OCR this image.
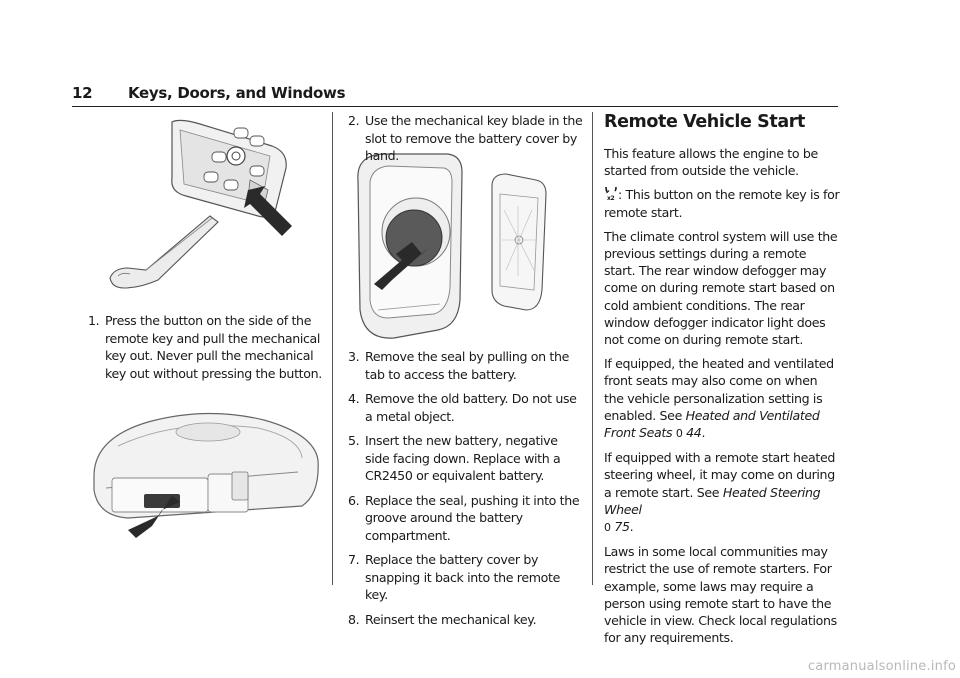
12 Keys, Doors, and Windows
1. Press the button on the side of the remote key and pull the mechanical key out. Never pull the mechanical key out without pressing the button.
2. Use the mechanical key blade in the slot to remove the battery cover by hand.
3. Remove the seal by pulling on the tab to access the battery.
4. Remove the old battery. Do not use a metal object.
5. Insert the new battery, negative side facing down. Replace with a CR2450 or equivalent battery.
6. Replace the seal, pushing it into the groove around the battery compartment.
7. Replace the battery cover by snapping it back into the remote key.
8. Reinsert the mechanical key.
Remote Vehicle Start

This feature allows the engine to be started from outside the vehicle.

x2 : This button on the remote key is for remote start.

The climate control system will use the previous settings during a remote start. The rear window defogger may come on during remote start based on cold ambient conditions. The rear window defogger indicator light does not come on during remote start.

If equipped, the heated and ventilated front seats may also come on when the vehicle personalization setting is enabled. See Heated and Ventilated Front Seats 0 44.

If equipped with a remote start heated steering wheel, it may come on during a remote start. See Heated Steering Wheel
0 75.

Laws in some local communities may restrict the use of remote starters. For example, some laws may require a person using remote start to have the vehicle in view. Check local regulations for any requirements.

carmanualsonline.info
